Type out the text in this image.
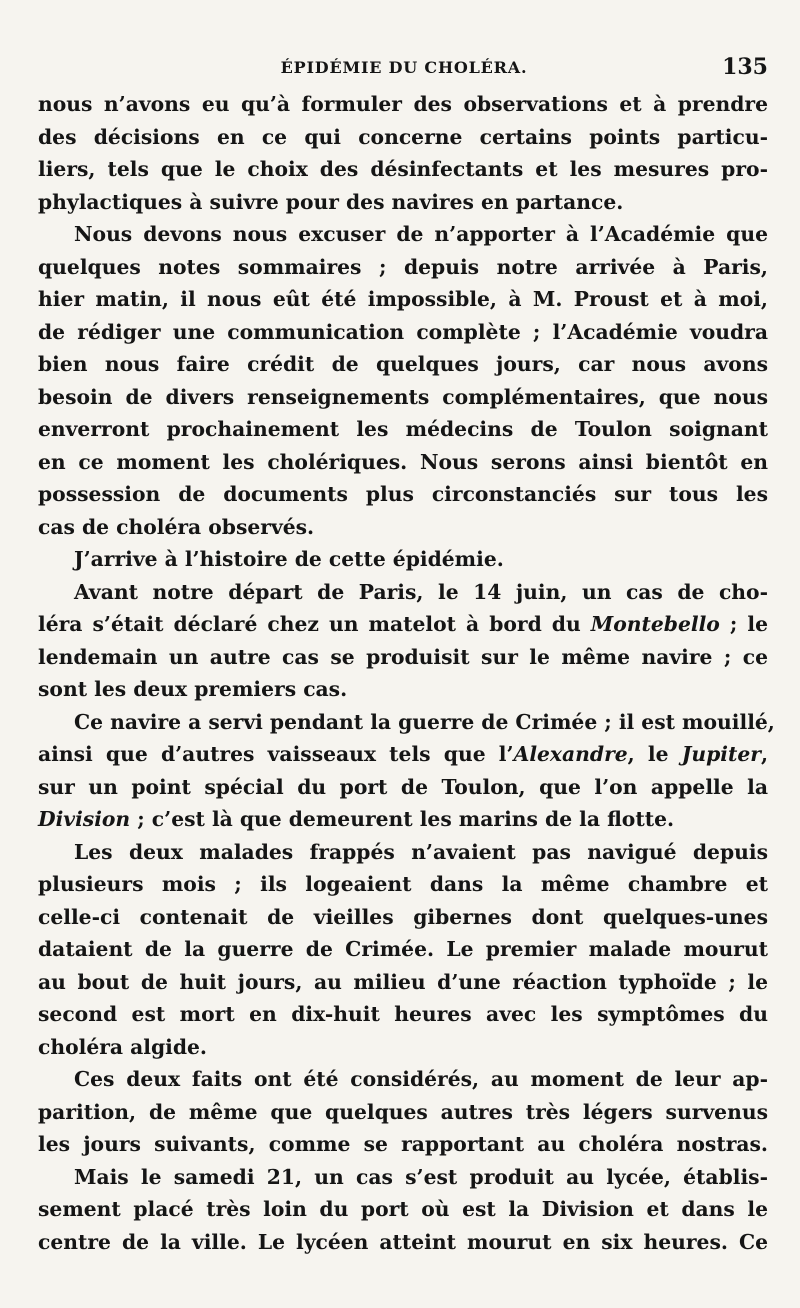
ÉPIDÉMIE DU CHOLÉRA.	135
nous n’avons eu qu’à formuler des observations et à prendre
des décisions en ce qui concerne certains points particu-
liers, tels que le choix des désinfectants et les mesures pro-
phylactiques à suivre pour des navires en partance.
Nous devons nous excuser de n’apporter à l’Académie que
quelques notes sommaires ; depuis notre arrivée à Paris,
hier matin, il nous eût été impossible, à M. Proust et à moi,
de rédiger une communication complète ; l’Académie voudra
bien nous faire crédit de quelques jours, car nous avons
besoin de divers renseignements complémentaires, que nous
enverront prochainement les médecins de Toulon soignant
en ce moment les cholériques. Nous serons ainsi bientôt en
possession de documents plus circonstanciés sur tous les
cas de choléra observés.
J’arrive à l’histoire de cette épidémie.
Avant notre départ de Paris, le 14 juin, un cas de cho-
léra s’était déclaré chez un matelot à bord du Montebello ; le
lendemain un autre cas se produisit sur le même navire ; ce
sont les deux premiers cas.
Ce navire a servi pendant la guerre de Crimée ; il est mouillé,
ainsi que d’autres vaisseaux tels que l’Alexandre, le Jupiter,
sur un point spécial du port de Toulon, que l’on appelle la
Division ; c’est là que demeurent les marins de la flotte.
Les deux malades frappés n’avaient pas navigué depuis
plusieurs mois ; ils logeaient dans la même chambre et
celle-ci contenait de vieilles gibernes dont quelques-unes
dataient de la guerre de Crimée. Le premier malade mourut
au bout de huit jours, au milieu d’une réaction typhoïde ; le
second est mort en dix-huit heures avec les symptômes du
choléra algide.
Ces deux faits ont été considérés, au moment de leur ap-
parition, de même que quelques autres très légers survenus
les jours suivants, comme se rapportant au choléra nostras.
Mais le samedi 21, un cas s’est produit au lycée, établis-
sement placé très loin du port où est la Division et dans le
centre de la ville. Le lycéen atteint mourut en six heures. Ce
